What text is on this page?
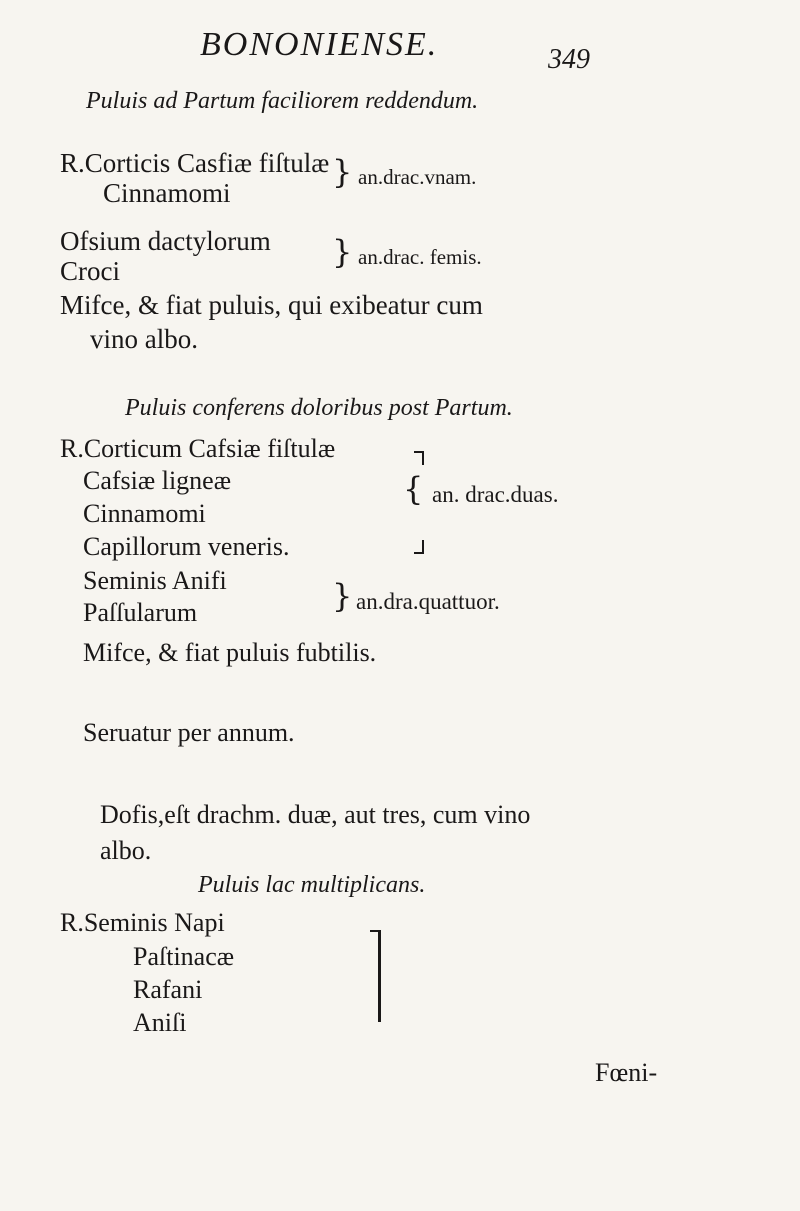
BONONIENSE.	349
Puluis ad Partum faciliorem reddendum.
R.Corticis Casfiæ fiſtulæ
Cinnamomi
} an.drac.vnam.
Ofsium dactylorum
Croci	} an.drac. femis.
Mifce, & fiat puluis, qui exibeatur cum
vino albo.
Puluis conferens doloribus post Partum.
R.Corticum Cafsiæ fiſtulæ
Cafsiæ ligneæ
Cinnamomi
Capillorum veneris.
{ an. drac.duas.
Seminis Anifi
Paſſularum	} an.dra.quattuor.
Mifce, & fiat puluis fubtilis.
Seruatur per annum.
Dofis,eſt drachm. duæ, aut tres, cum vino
albo.
Puluis lac multiplicans.
R.Seminis Napi
Paſtinacæ
Rafani
Aniſi
Fœni-
